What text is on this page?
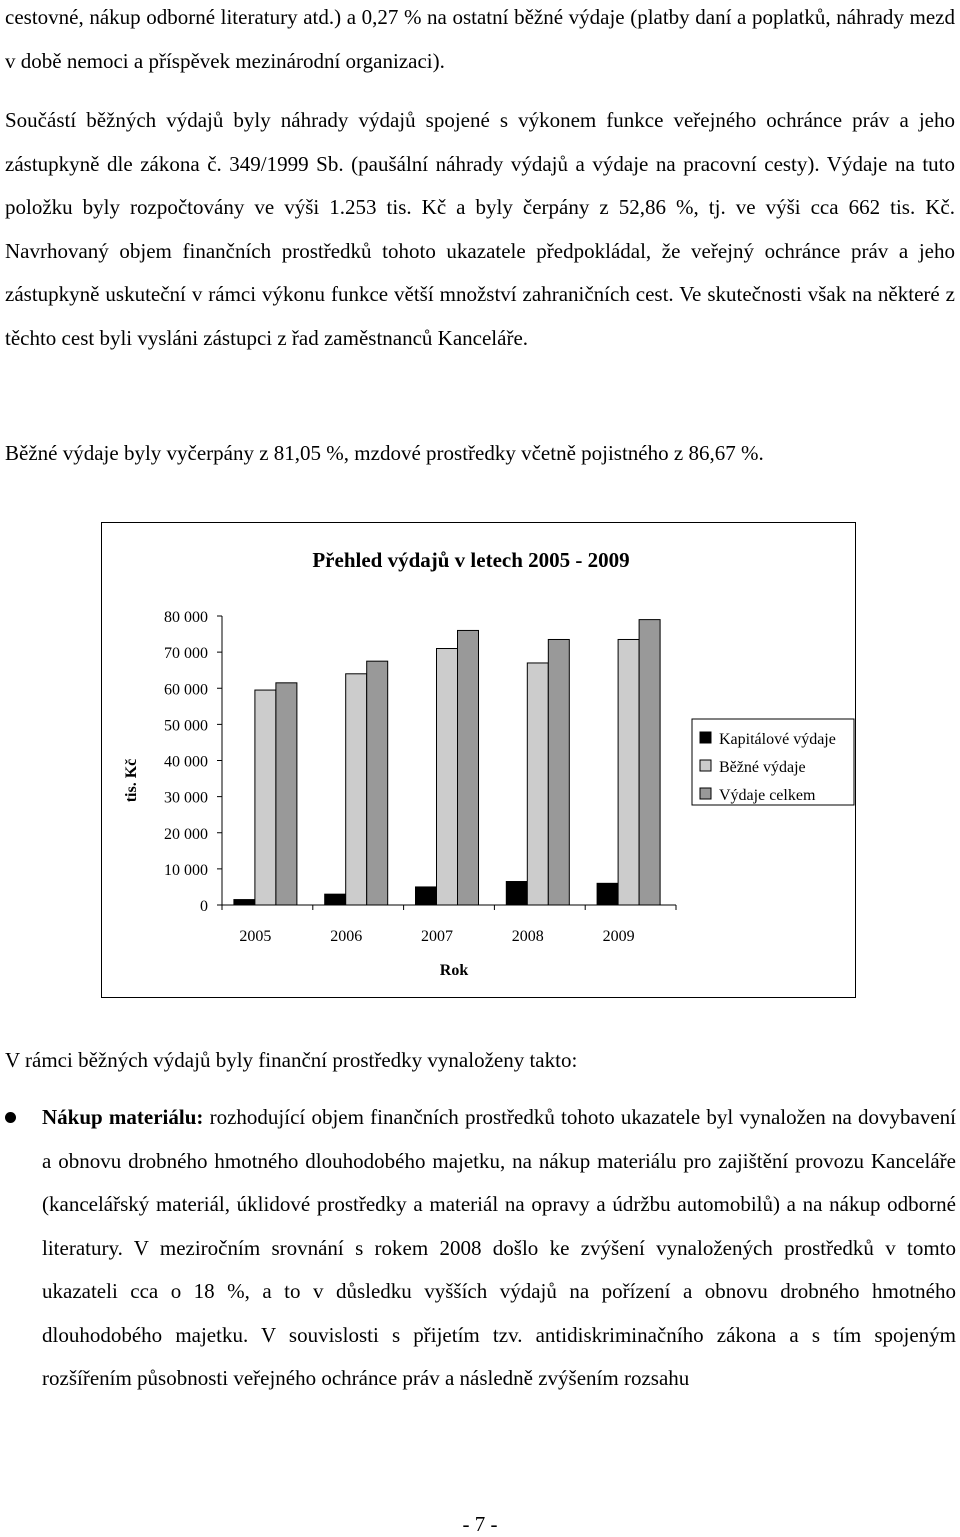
cestovné, nákup odborné literatury atd.) a 0,27 % na ostatní běžné výdaje (platby daní a poplatků, náhrady mezd v době nemoci a příspěvek mezinárodní organizaci).

Součástí běžných výdajů byly náhrady výdajů spojené s výkonem funkce veřejného ochránce práv a jeho zástupkyně dle zákona č. 349/1999 Sb. (paušální náhrady výdajů a výdaje na pracovní cesty). Výdaje na tuto položku byly rozpočtovány ve výši 1.253 tis. Kč a byly čerpány z 52,86 %, tj. ve výši cca 662 tis. Kč. Navrhovaný objem finančních prostředků tohoto ukazatele předpokládal, že veřejný ochránce práv a jeho zástupkyně uskuteční v rámci výkonu funkce větší množství zahraničních cest. Ve skutečnosti však na některé z těchto cest byli vysláni zástupci z řad zaměstnanců Kanceláře.

Běžné výdaje byly vyčerpány z 81,05 %, mzdové prostředky včetně pojistného z 86,67 %.

Přehled výdajů v letech 2005 - 2009
0
10 000
20 000
30 000
40 000
50 000
60 000
70 000
80 000
tis. Kč
2005	2006	2007	2008	2009
Rok
Kapitálové výdaje
Běžné výdaje
Výdaje celkem

V rámci běžných výdajů byly finanční prostředky vynaloženy takto:

Nákup materiálu: rozhodující objem finančních prostředků tohoto ukazatele byl vynaložen na dovybavení a obnovu drobného hmotného dlouhodobého majetku, na nákup materiálu pro zajištění provozu Kanceláře (kancelářský materiál, úklidové prostředky a materiál na opravy a údržbu automobilů) a na nákup odborné literatury. V meziročním srovnání s rokem 2008 došlo ke zvýšení vynaložených prostředků v tomto ukazateli cca o 18 %, a to v důsledku vyšších výdajů na pořízení a obnovu drobného hmotného dlouhodobého majetku. V souvislosti s přijetím tzv. antidiskriminačního zákona a s tím spojeným rozšířením působnosti veřejného ochránce práv a následně zvýšením rozsahu

- 7 -
